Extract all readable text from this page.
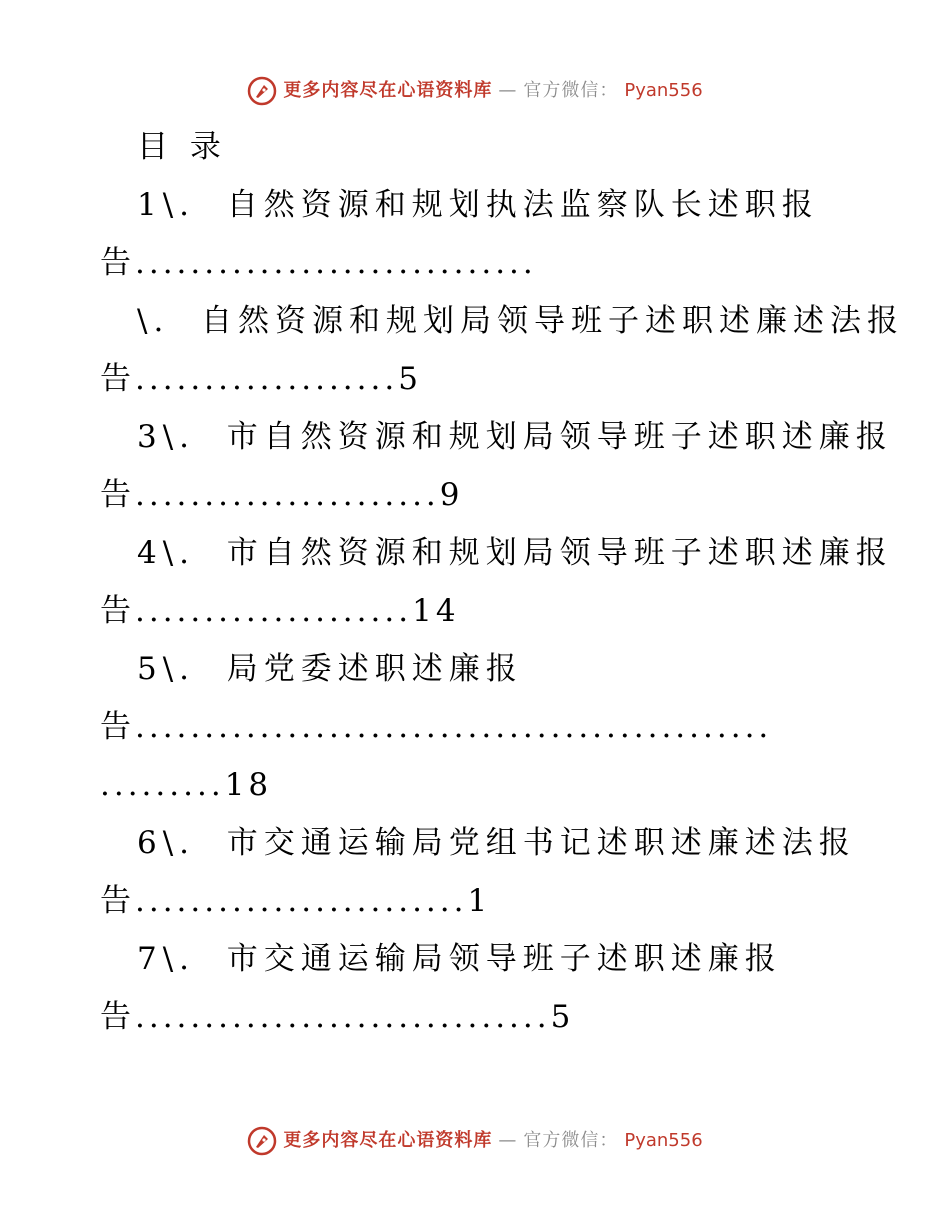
更多内容尽在心语资料库 — 官方微信： Pyan556
目 录
1\.  自然资源和规划执法监察队长述职报
告.............................
\.  自然资源和规划局领导班子述职述廉述法报
告...................5
3\.  市自然资源和规划局领导班子述职述廉报
告......................9
4\.  市自然资源和规划局领导班子述职述廉报
告....................14
5\.  局党委述职述廉报
告..............................................
.........18
6\.  市交通运输局党组书记述职述廉述法报
告........................1
7\.  市交通运输局领导班子述职述廉报
告..............................5
更多内容尽在心语资料库 — 官方微信： Pyan556
